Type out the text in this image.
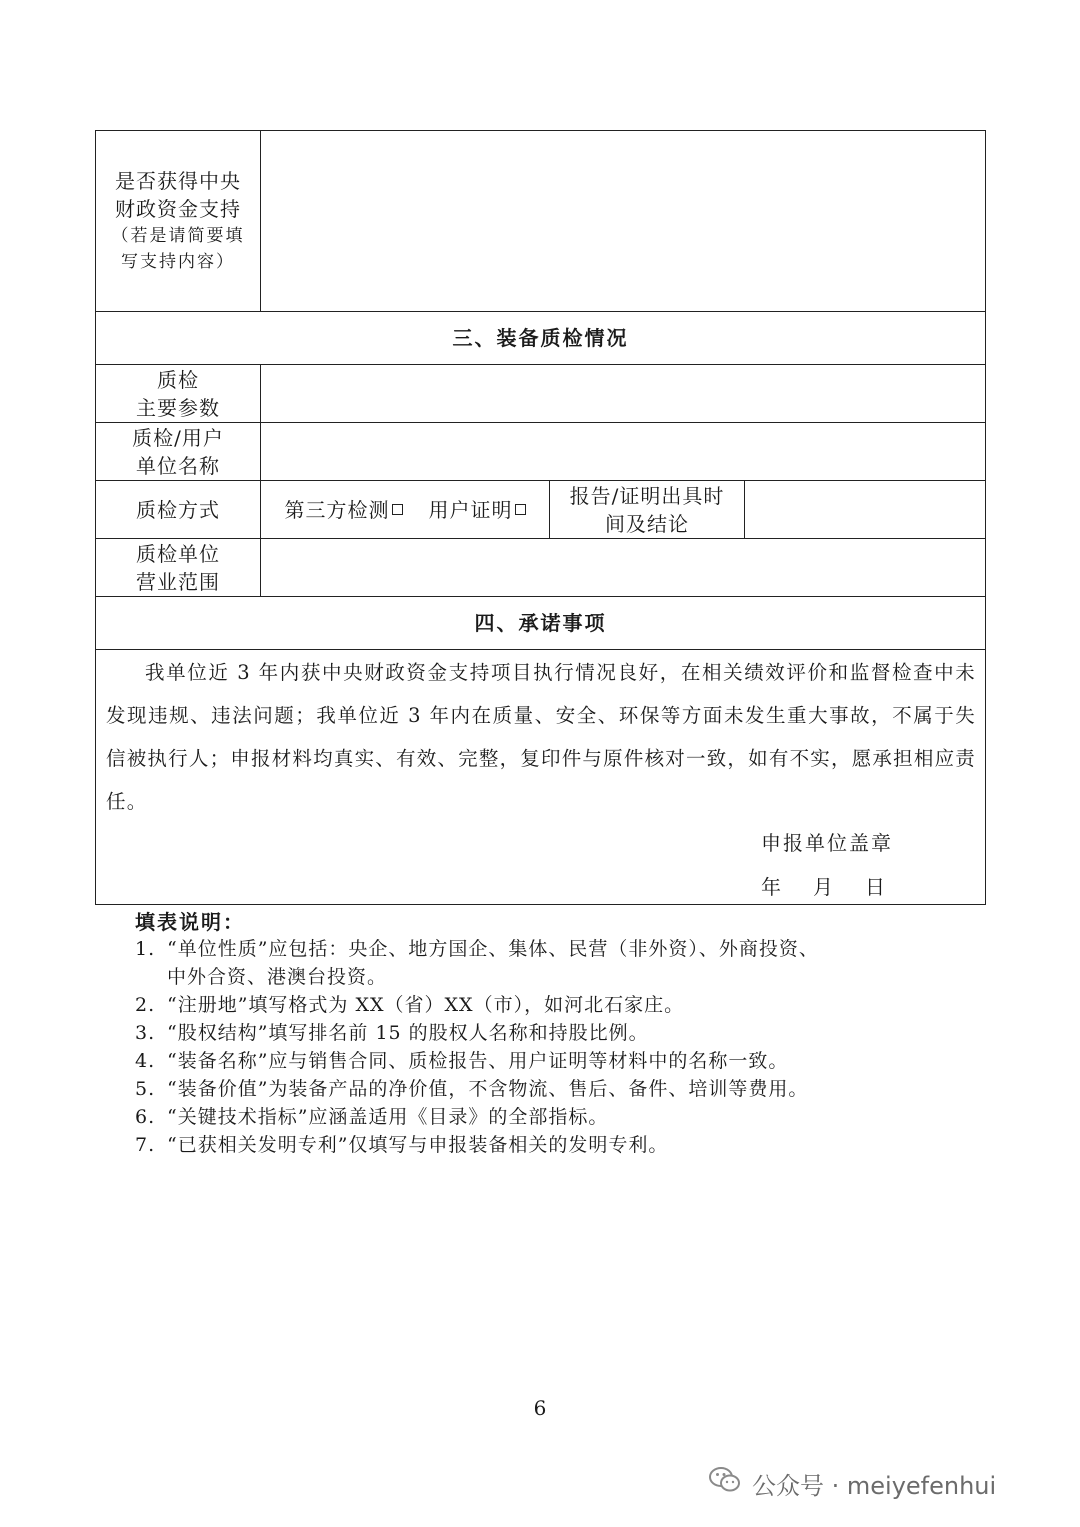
是否获得中央
财政资金支持
（若是请简要填
写支持内容）
三、装备质检情况
质检
主要参数
质检/用户
单位名称
质检方式	第三方检测	用户证明
报告/证明出具时
间及结论
质检单位
营业范围
四、承诺事项
我单位近 3 年内获中央财政资金支持项目执行情况良好，在相关绩效评价和监督检查中未发现违规、违法问题；我单位近 3 年内在质量、安全、环保等方面未发生重大事故，不属于失信被执行人；申报材料均真实、有效、完整，复印件与原件核对一致，如有不实，愿承担相应责任。
申报单位盖章
年 月 日
填表说明：
1. “单位性质”应包括：央企、地方国企、集体、民营（非外资）、外商投资、
中外合资、港澳台投资。
2. “注册地”填写格式为 XX（省）XX（市），如河北石家庄。
3. “股权结构”填写排名前 15 的股权人名称和持股比例。
4. “装备名称”应与销售合同、质检报告、用户证明等材料中的名称一致。
5. “装备价值”为装备产品的净价值，不含物流、售后、备件、培训等费用。
6. “关键技术指标”应涵盖适用《目录》的全部指标。
7. “已获相关发明专利”仅填写与申报装备相关的发明专利。
6
公众号 · meiyefenhui
